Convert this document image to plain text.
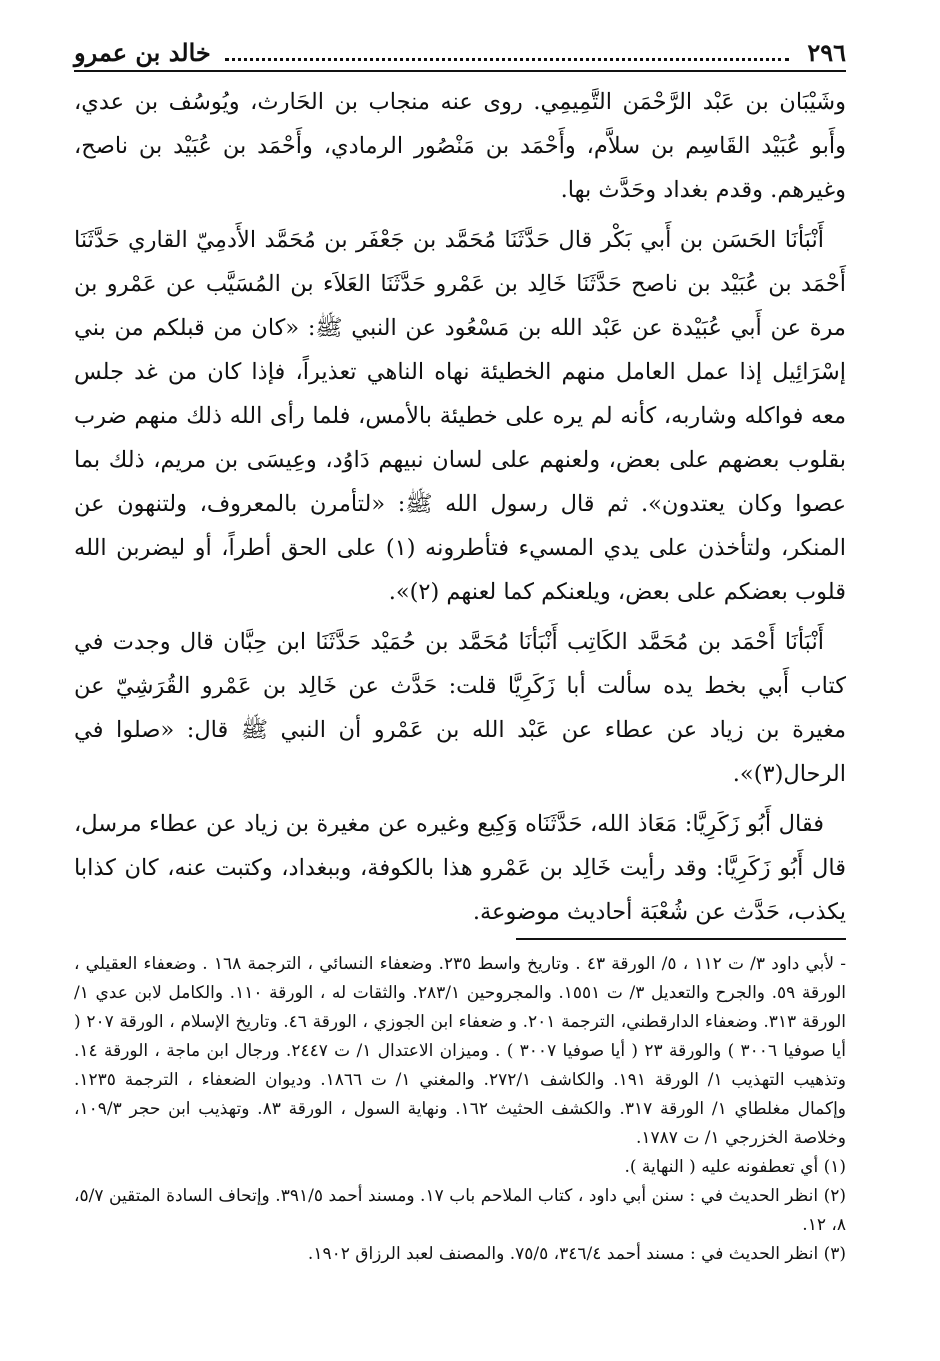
٢٩٦
خالد بن عمرو

وشَيْبَان بن عَبْد الرَّحْمَن التَّمِيمِي. روى عنه منجاب بن الحَارث، ويُوسُف بن عدي، وأَبو عُبَيْد القَاسِم بن سلاَّم، وأَحْمَد بن مَنْصُور الرمادي، وأَحْمَد بن عُبَيْد بن ناصح، وغيرهم. وقدم بغداد وحَدَّث بها.

أَنْبَأنَا الحَسَن بن أَبي بَكْر قال حَدَّثَنَا مُحَمَّد بن جَعْفَر بن مُحَمَّد الأَدمِيّ القاري حَدَّثَنَا أَحْمَد بن عُبَيْد بن ناصح حَدَّثَنَا خَالِد بن عَمْرو حَدَّثَنَا العَلاَء بن المُسَيَّب عن عَمْرو بن مرة عن أَبي عُبَيْدة عن عَبْد الله بن مَسْعُود عن النبي ﷺ: «كان من قبلكم من بني إسْرَائِيل إذا عمل العامل منهم الخطيئة نهاه الناهي تعذيراً، فإذا كان من غد جلس معه فواكله وشاربه، كأنه لم يره على خطيئة بالأمس، فلما رأى الله ذلك منهم ضرب بقلوب بعضهم على بعض، ولعنهم على لسان نبيهم دَاوُد، وعِيسَى بن مريم، ذلك بما عصوا وكان يعتدون». ثم قال رسول الله ﷺ: «لتأمرن بالمعروف، ولتنهون عن المنكر، ولتأخذن على يدي المسيء فتأطرونه (١) على الحق أطراً، أو ليضربن الله قلوب بعضكم على بعض، ويلعنكم كما لعنهم (٢)».

أَنْبَأنَا أَحْمَد بن مُحَمَّد الكَاتِب أَنْبَأنَا مُحَمَّد بن حُمَيْد حَدَّثَنَا ابن حِبَّان قال وجدت في كتاب أَبي بخط يده سألت أبا زَكَرِيَّا قلت: حَدَّث عن خَالِد بن عَمْرو القُرَشِيّ عن مغيرة بن زياد عن عطاء عن عَبْد الله بن عَمْرو أن النبي ﷺ قال: «صلوا في الرحال(٣)».

فقال أَبُو زَكَرِيَّا: مَعَاذ الله، حَدَّثَنَاه وَكِيع وغيره عن مغيرة بن زياد عن عطاء مرسل، قال أَبُو زَكَرِيَّا: وقد رأيت خَالِد بن عَمْرو هذا بالكوفة، وببغداد، وكتبت عنه، كان كذابا يكذب، حَدَّث عن شُعْبَة أحاديث موضوعة.

- لأبي داود ٣/ ت ١١٢ ، ٥/ الورقة ٤٣ . وتاريخ واسط ٢٣٥. وضعفاء النسائي ، الترجمة ١٦٨ . وضعفاء العقيلي ، الورقة ٥٩. والجرح والتعديل ٣/ ت ١٥٥١. والمجروحين ٢٨٣/١. والثقات له ، الورقة ١١٠. والكامل لابن عدي ١/ الورقة ٣١٣. وضعفاء الدارقطني، الترجمة ٢٠١. و ضعفاء ابن الجوزي ، الورقة ٤٦. وتاريخ الإسلام ، الورقة ٢٠٧ ( أيا صوفيا ٣٠٠٦ ) والورقة ٢٣ ( أيا صوفيا ٣٠٠٧ ) . وميزان الاعتدال ١/ ت ٢٤٤٧. ورجال ابن ماجة ، الورقة ١٤. وتذهيب التهذيب ١/ الورقة ١٩١. والكاشف ٢٧٢/١. والمغني ١/ ت ١٨٦٦. وديوان الضعفاء ، الترجمة ١٢٣٥. وإكمال مغلطاي ١/ الورقة ٣١٧. والكشف الحثيث ١٦٢. ونهاية السول ، الورقة ٨٣. وتهذيب ابن حجر ١٠٩/٣، وخلاصة الخزرجي ١/ ت ١٧٨٧.

(١) أي تعطفونه عليه ( النهاية ).

(٢) انظر الحديث في : سنن أبي داود ، كتاب الملاحم باب ١٧. ومسند أحمد ٣٩١/٥. وإتحاف السادة المتقين ٥/٧، ٨، ١٢.

(٣) انظر الحديث في : مسند أحمد ٣٤٦/٤، ٧٥/٥. والمصنف لعبد الرزاق ١٩٠٢.
